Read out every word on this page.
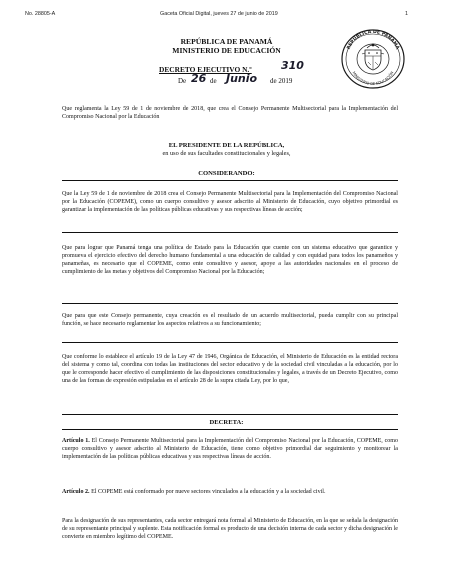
No. 28805-A	Gaceta Oficial Digital, jueves 27 de junio de 2019	1
REPÚBLICA DE PANAMÁ
MINISTERIO DE EDUCACIÓN
REPÚBLICA DE PANAMÁ
MINISTERIO DE EDUCACIÓN
DECRETO EJECUTIVO N.º	310
De 26 de Junio de 2019

Que reglamenta la Ley 59 de 1 de noviembre de 2018, que crea el Consejo Permanente Multisectorial para la Implementación del Compromiso Nacional por la Educación

EL PRESIDENTE DE LA REPÚBLICA,
en uso de sus facultades constitucionales y legales,
CONSIDERANDO:

Que la Ley 59 de 1 de noviembre de 2018 crea el Consejo Permanente Multisectorial para la Implementación del Compromiso Nacional por la Educación (COPEME), como un cuerpo consultivo y asesor adscrito al Ministerio de Educación, cuyo objetivo primordial es garantizar la implementación de las políticas públicas educativas y sus respectivas líneas de acción;

Que para lograr que Panamá tenga una política de Estado para la Educación que cuente con un sistema educativo que garantice y promueva el ejercicio efectivo del derecho humano fundamental a una educación de calidad y con equidad para todos los panameños y panameñas, es necesario que el COPEME, como ente consultivo y asesor, apoye a las autoridades nacionales en el proceso de cumplimiento de las metas y objetivos del Compromiso Nacional por la Educación;

Que para que este Consejo permanente, cuya creación es el resultado de un acuerdo multisectorial, pueda cumplir con su principal función, se hace necesario reglamentar los aspectos relativos a su funcionamiento;

Que conforme lo establece el artículo 19 de la Ley 47 de 1946, Orgánica de Educación, el Ministerio de Educación es la entidad rectora del sistema y como tal, coordina con todas las instituciones del sector educativo y de la sociedad civil vinculadas a la educación, por lo que le corresponde hacer efectivo el cumplimiento de las disposiciones constitucionales y legales, a través de un Decreto Ejecutivo, como una de las formas de expresión estipuladas en el artículo 28 de la supra citada Ley, por lo que,

DECRETA:

Artículo 1. El Consejo Permanente Multisectorial para la Implementación del Compromiso Nacional por la Educación, COPEME, como cuerpo consultivo y asesor adscrito al Ministerio de Educación, tiene como objetivo primordial dar seguimiento y monitorear la implementación de las políticas públicas educativas y sus respectivas líneas de acción.

Artículo 2. El COPEME está conformado por nueve sectores vinculados a la educación y a la sociedad civil.

Para la designación de sus representantes, cada sector entregará nota formal al Ministerio de Educación, en la que se señala la designación de su representante principal y suplente. Esta notificación formal es producto de una decisión interna de cada sector y dicha designación le convierte en miembro legítimo del COPEME.
